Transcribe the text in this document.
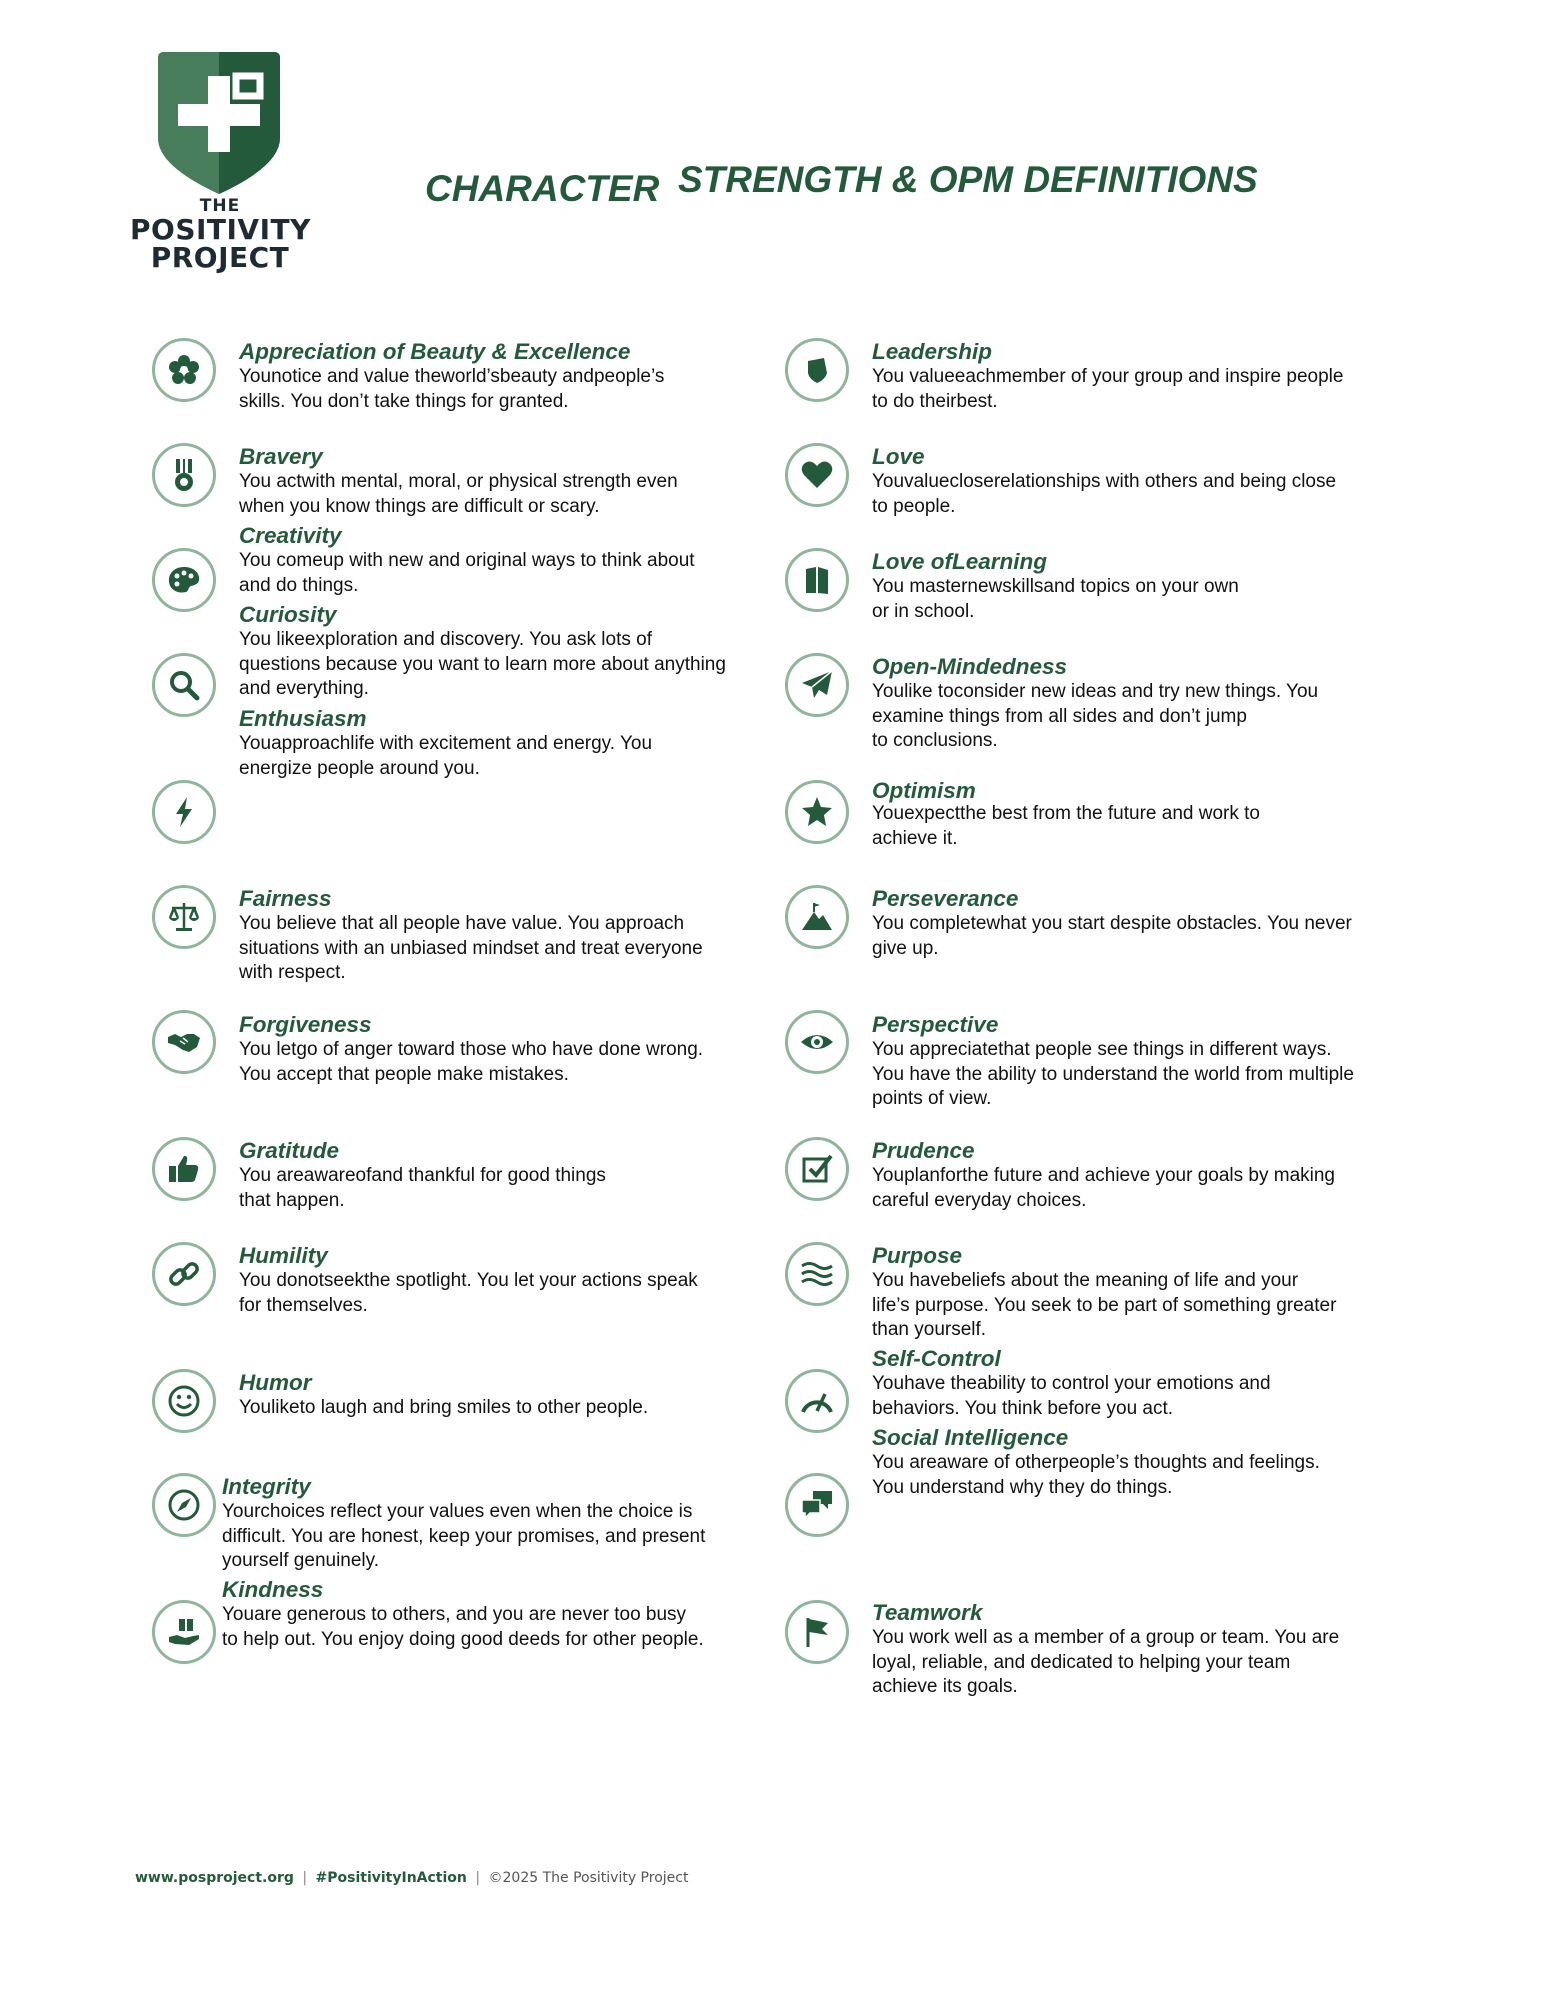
THE
POSITIVITY
PROJECT
CHARACTER STRENGTH & OPM DEFINITIONS
Appreciation of Beauty & Excellence
Younotice and value theworld’sbeauty andpeople’s
skills. You don’t take things for granted.
Bravery
You actwith mental, moral, or physical strength even
when you know things are difficult or scary.
Creativity
You comeup with new and original ways to think about
and do things.
Curiosity
You likeexploration and discovery. You ask lots of
questions because you want to learn more about anything
and everything.
Enthusiasm
Youapproachlife with excitement and energy. You
energize people around you.
Fairness
You believe that all people have value. You approach
situations with an unbiased mindset and treat everyone
with respect.
Forgiveness
You letgo of anger toward those who have done wrong.
You accept that people make mistakes.
Gratitude
You areawareofand thankful for good things
that happen.
Humility
You donotseekthe spotlight. You let your actions speak
for themselves.
Humor
Youliketo laugh and bring smiles to other people.
Integrity
Yourchoices reflect your values even when the choice is
difficult. You are honest, keep your promises, and present
yourself genuinely.
Kindness
Youare generous to others, and you are never too busy
to help out. You enjoy doing good deeds for other people.
Leadership
You valueeachmember of your group and inspire people
to do theirbest.
Love
Youvaluecloserelationships with others and being close
to people.
Love ofLearning
You masternewskillsand topics on your own
or in school.
Open-Mindedness
Youlike toconsider new ideas and try new things. You
examine things from all sides and don’t jump
to conclusions.
Optimism
Youexpectthe best from the future and work to
achieve it.
Perseverance
You completewhat you start despite obstacles. You never
give up.
Perspective
You appreciatethat people see things in different ways.
You have the ability to understand the world from multiple
points of view.
Prudence
Youplanforthe future and achieve your goals by making
careful everyday choices.
Purpose
You havebeliefs about the meaning of life and your
life’s purpose. You seek to be part of something greater
than yourself.
Self-Control
Youhave theability to control your emotions and
behaviors. You think before you act.
Social Intelligence
You areaware of otherpeople’s thoughts and feelings.
You understand why they do things.
Teamwork
You work well as a member of a group or team. You are
loyal, reliable, and dedicated to helping your team
achieve its goals.
www.posproject.org | #PositivityInAction | ©2025 The Positivity Project
